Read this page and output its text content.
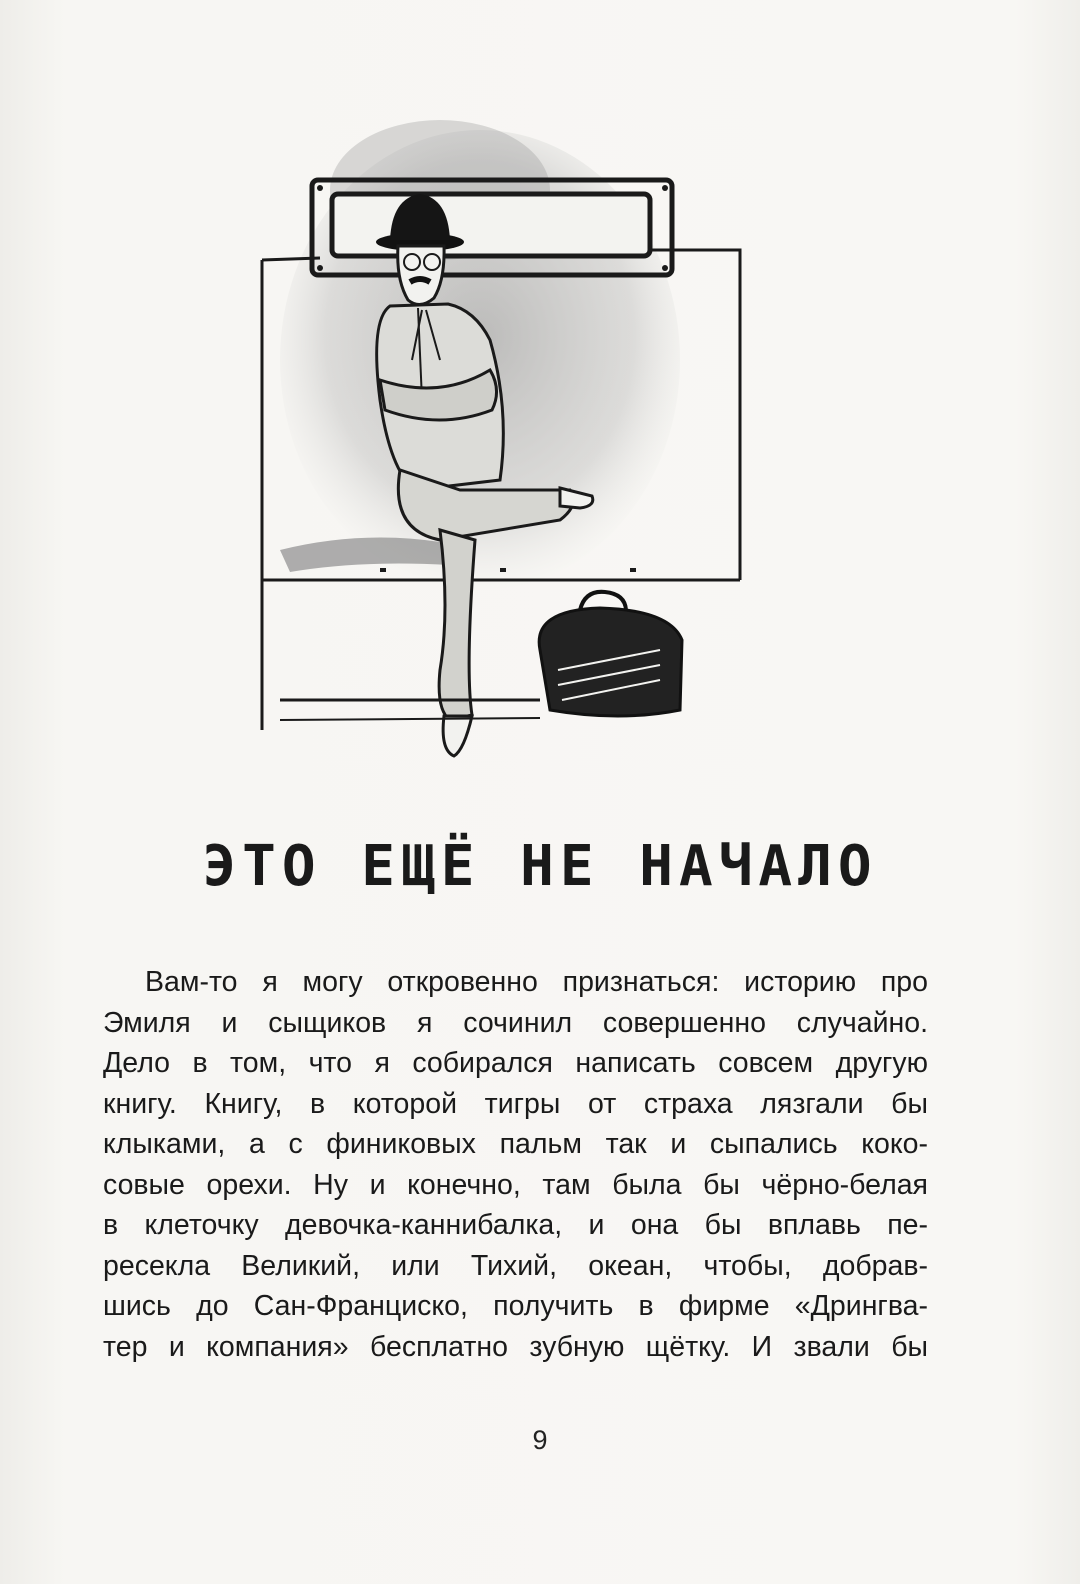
ЭТО ЕЩЁ НЕ НАЧАЛО
Вам-то я могу откровенно признаться: историю про
Эмиля и сыщиков я сочинил совершенно случайно.
Дело в том, что я собирался написать совсем другую
книгу. Книгу, в которой тигры от страха лязгали бы
клыками, а с финиковых пальм так и сыпались коко-
совые орехи. Ну и конечно, там была бы чёрно-белая
в клеточку девочка-каннибалка, и она бы вплавь пе-
ресекла Великий, или Тихий, океан, чтобы, добрав-
шись до Сан-Франциско, получить в фирме «Дрингва-
тер и компания» бесплатно зубную щётку. И звали бы
9
